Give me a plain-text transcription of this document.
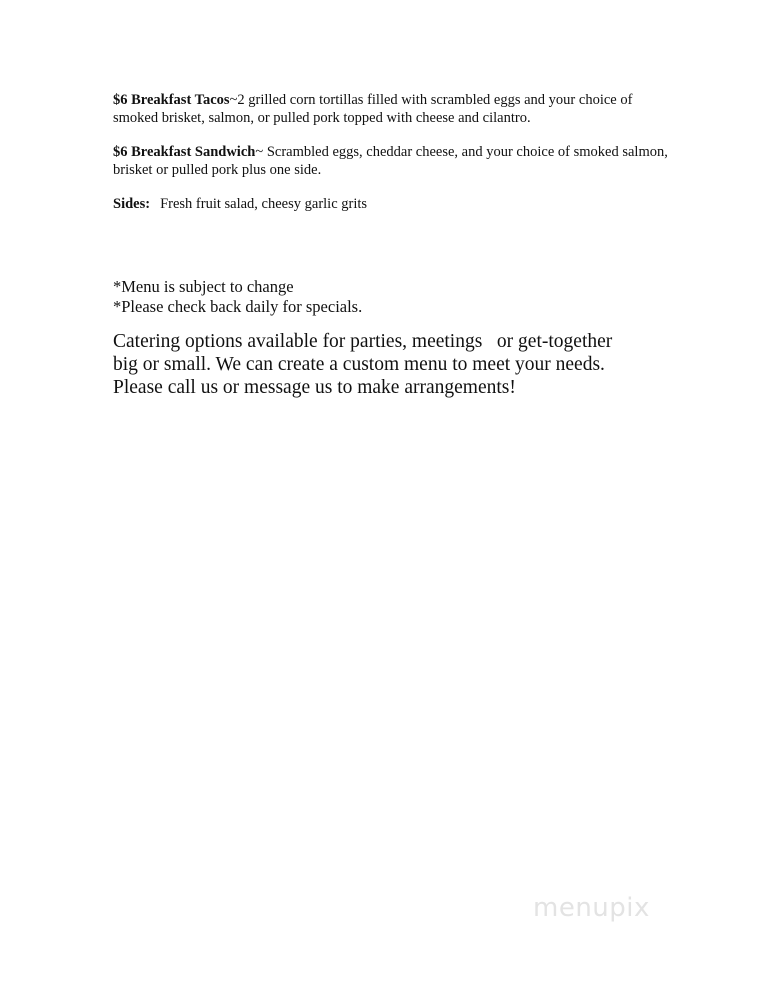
$6 Breakfast Tacos~2 grilled corn tortillas filled with scrambled eggs and your choice of smoked brisket, salmon, or pulled pork topped with cheese and cilantro.
$6 Breakfast Sandwich~ Scrambled eggs, cheddar cheese, and your choice of smoked salmon, brisket or pulled pork plus one side.
Sides: Fresh fruit salad, cheesy garlic grits
*Menu is subject to change
*Please check back daily for specials.
Catering options available for parties, meetings   or get-together
big or small. We can create a custom menu to meet your needs.
Please call us or message us to make arrangements!
menupix
